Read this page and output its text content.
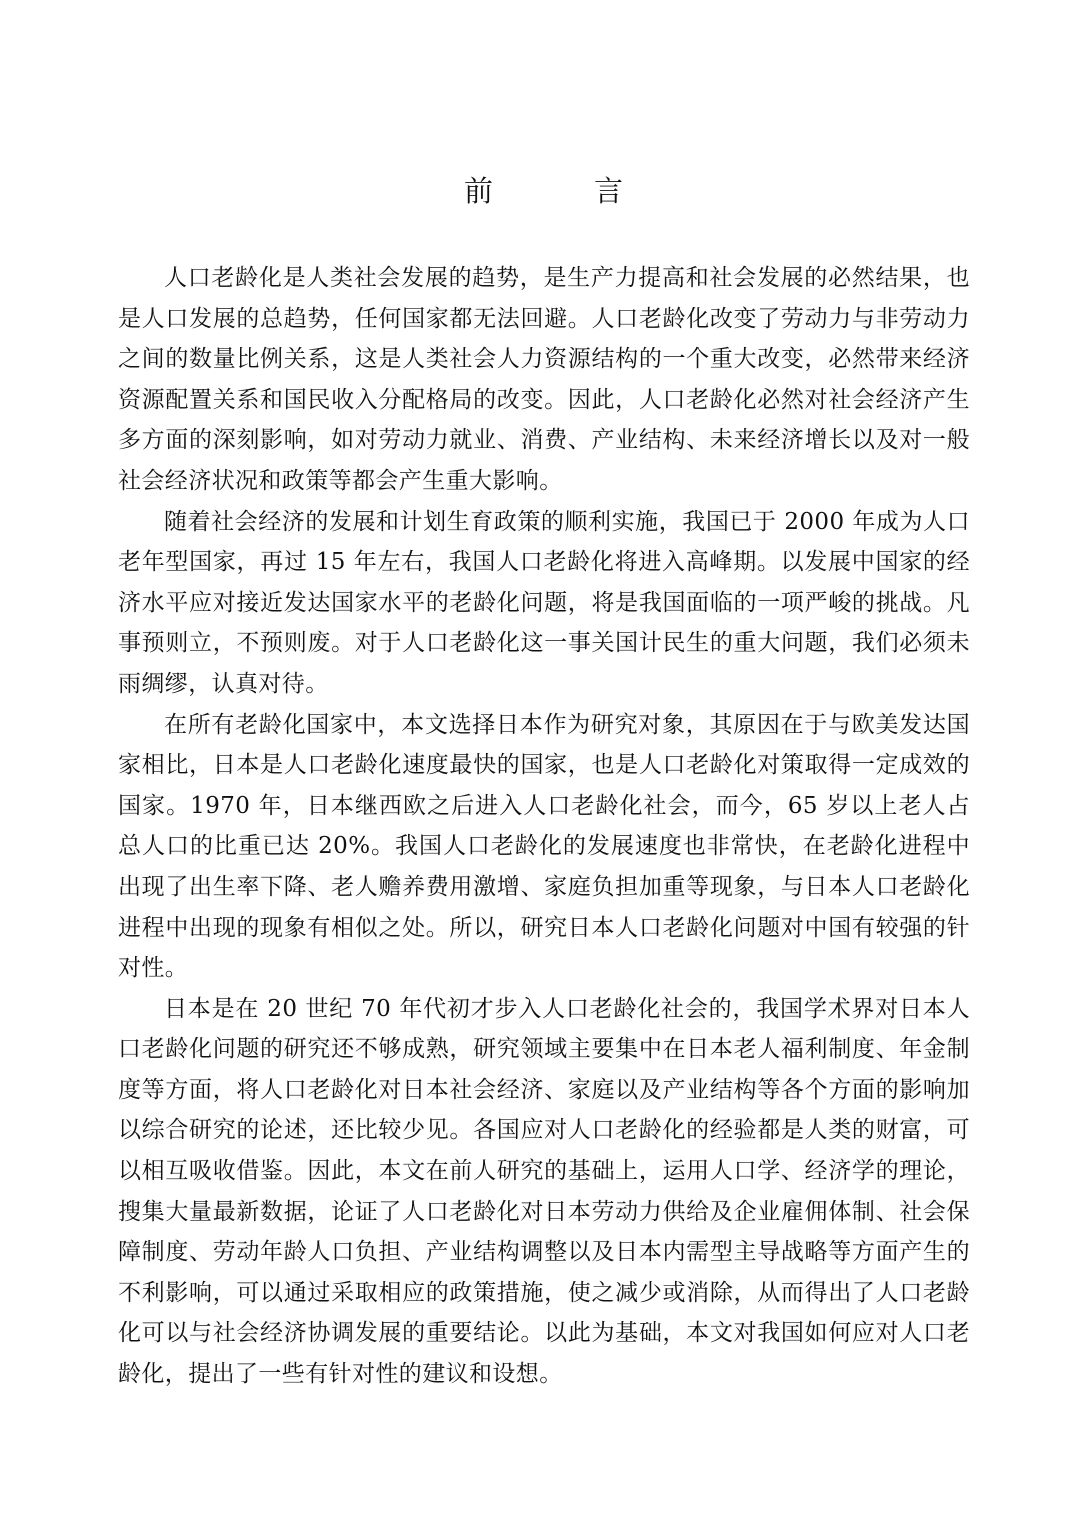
前　言

人口老龄化是人类社会发展的趋势，是生产力提高和社会发展的必然结果，也是人口发展的总趋势，任何国家都无法回避。人口老龄化改变了劳动力与非劳动力之间的数量比例关系，这是人类社会人力资源结构的一个重大改变，必然带来经济资源配置关系和国民收入分配格局的改变。因此，人口老龄化必然对社会经济产生多方面的深刻影响，如对劳动力就业、消费、产业结构、未来经济增长以及对一般社会经济状况和政策等都会产生重大影响。

随着社会经济的发展和计划生育政策的顺利实施，我国已于 2000 年成为人口老年型国家，再过 15 年左右，我国人口老龄化将进入高峰期。以发展中国家的经济水平应对接近发达国家水平的老龄化问题，将是我国面临的一项严峻的挑战。凡事预则立，不预则废。对于人口老龄化这一事关国计民生的重大问题，我们必须未雨绸缪，认真对待。

在所有老龄化国家中，本文选择日本作为研究对象，其原因在于与欧美发达国家相比，日本是人口老龄化速度最快的国家，也是人口老龄化对策取得一定成效的国家。1970 年，日本继西欧之后进入人口老龄化社会，而今，65 岁以上老人占总人口的比重已达 20%。我国人口老龄化的发展速度也非常快，在老龄化进程中出现了出生率下降、老人赡养费用激增、家庭负担加重等现象，与日本人口老龄化进程中出现的现象有相似之处。所以，研究日本人口老龄化问题对中国有较强的针对性。

日本是在 20 世纪 70 年代初才步入人口老龄化社会的，我国学术界对日本人口老龄化问题的研究还不够成熟，研究领域主要集中在日本老人福利制度、年金制度等方面，将人口老龄化对日本社会经济、家庭以及产业结构等各个方面的影响加以综合研究的论述，还比较少见。各国应对人口老龄化的经验都是人类的财富，可以相互吸收借鉴。因此，本文在前人研究的基础上，运用人口学、经济学的理论，搜集大量最新数据，论证了人口老龄化对日本劳动力供给及企业雇佣体制、社会保障制度、劳动年龄人口负担、产业结构调整以及日本内需型主导战略等方面产生的不利影响，可以通过采取相应的政策措施，使之减少或消除，从而得出了人口老龄化可以与社会经济协调发展的重要结论。以此为基础，本文对我国如何应对人口老龄化，提出了一些有针对性的建议和设想。
